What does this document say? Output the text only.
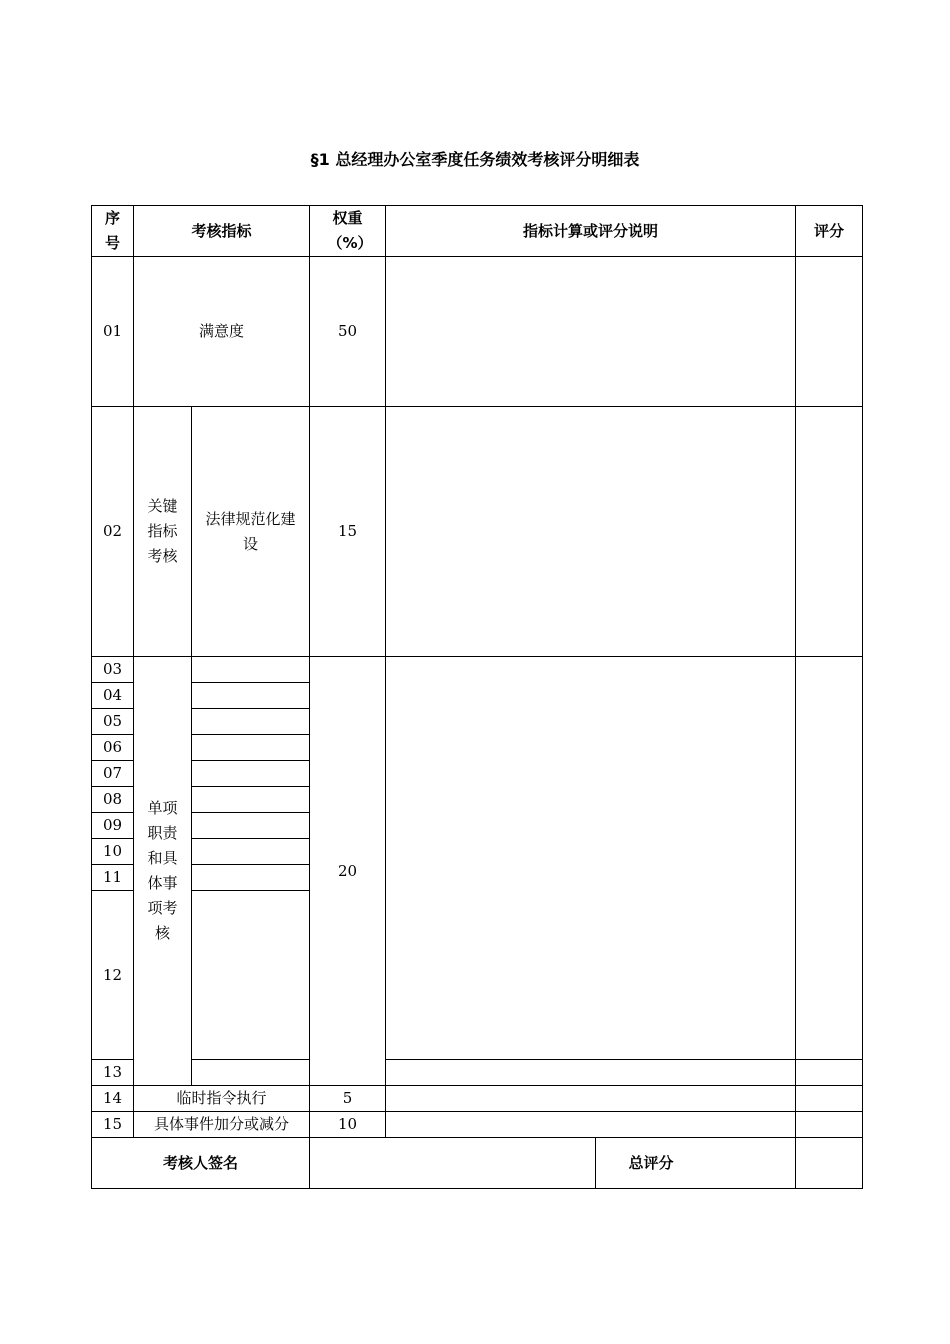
§1 总经理办公室季度任务绩效考核评分明细表
序号	考核指标		权重（%）	指标计算或评分说明		评分
01	满意度		50			
02	关键指标考核	法律规范化建设	15			
03	单项职责和具体事项考核		20			
04						
05						
06						
07						
08						
09						
10						
11						
12						
13						
14	临时指令执行		5			
15	具体事件加分或减分		10			
考核人签名					总评分	
